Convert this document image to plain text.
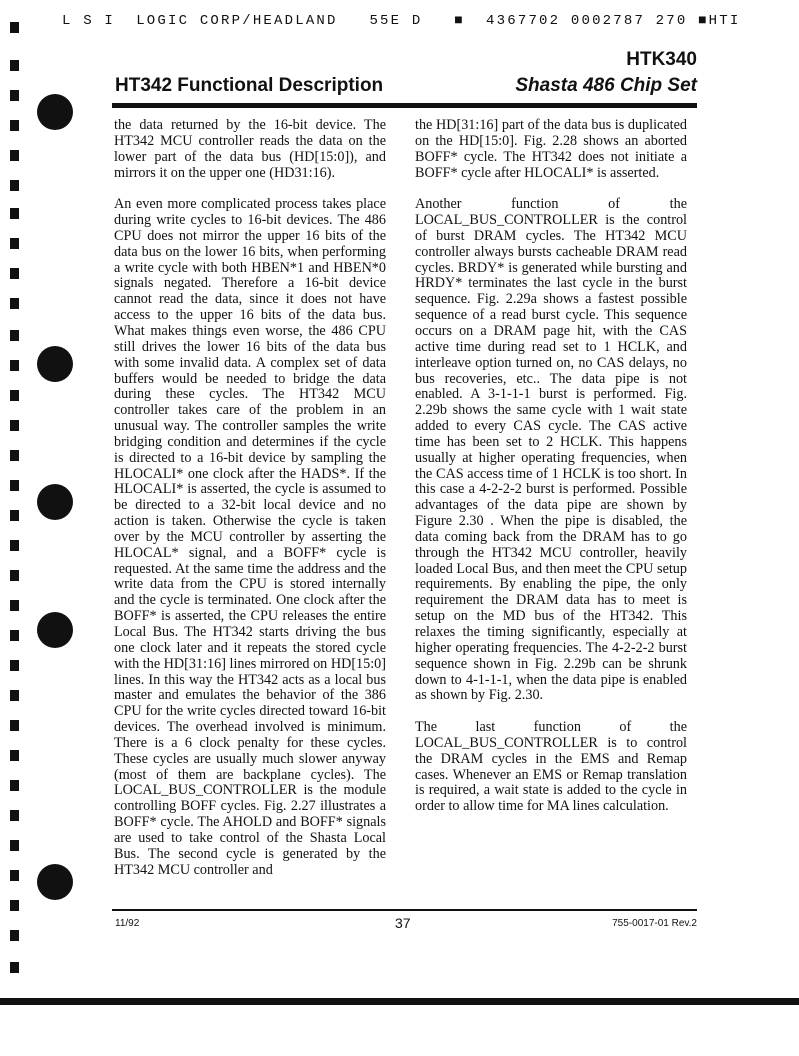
L S I  LOGIC CORP/HEADLAND   55E D   ■  4367702 0002787 270 ■HTI
HTK340
HT342 Functional Description	Shasta 486 Chip Set

the data returned by the 16-bit device. The HT342 MCU controller reads the data on the lower part of the data bus (HD[15:0]), and mirrors it on the upper one (HD31:16).

An even more complicated process takes place during write cycles to 16-bit devices. The 486 CPU does not mirror the upper 16 bits of the data bus on the lower 16 bits, when performing a write cycle with both HBEN*1 and HBEN*0 signals negated. Therefore a 16-bit device cannot read the data, since it does not have access to the upper 16 bits of the data bus. What makes things even worse, the 486 CPU still drives the lower 16 bits of the data bus with some invalid data. A complex set of data buffers would be needed to bridge the data during these cycles. The HT342 MCU controller takes care of the problem in an unusual way. The controller samples the write bridging condition and determines if the cycle is directed to a 16-bit device by sampling the HLOCALI* one clock after the HADS*. If the HLOCALI* is asserted, the cycle is assumed to be directed to a 32-bit local device and no action is taken. Otherwise the cycle is taken over by the MCU controller by asserting the HLOCAL* signal, and a BOFF* cycle is requested. At the same time the address and the write data from the CPU is stored internally and the cycle is terminated. One clock after the BOFF* is asserted, the CPU releases the entire Local Bus. The HT342 starts driving the bus one clock later and it repeats the stored cycle with the HD[31:16] lines mirrored on HD[15:0] lines. In this way the HT342 acts as a local bus master and emulates the behavior of the 386 CPU for the write cycles directed toward 16-bit devices. The overhead involved is minimum. There is a 6 clock penalty for these cycles. These cycles are usually much slower anyway (most of them are backplane cycles). The LOCAL_BUS_CONTROLLER is the module controlling BOFF cycles. Fig. 2.27 illustrates a BOFF* cycle. The AHOLD and BOFF* signals are used to take control of the Shasta Local Bus. The second cycle is generated by the HT342 MCU controller and

the HD[31:16] part of the data bus is duplicated on the HD[15:0]. Fig. 2.28 shows an aborted BOFF* cycle. The HT342 does not initiate a BOFF* cycle after HLOCALI* is asserted.

Another function of the LOCAL_BUS_CONTROLLER is the control of burst DRAM cycles. The HT342 MCU controller always bursts cacheable DRAM read cycles. BRDY* is generated while bursting and HRDY* terminates the last cycle in the burst sequence. Fig. 2.29a shows a fastest possible sequence of a read burst cycle. This sequence occurs on a DRAM page hit, with the CAS active time during read set to 1 HCLK, and interleave option turned on, no CAS delays, no bus recoveries, etc.. The data pipe is not enabled. A 3-1-1-1 burst is performed. Fig. 2.29b shows the same cycle with 1 wait state added to every CAS cycle. The CAS active time has been set to 2 HCLK. This happens usually at higher operating frequencies, when the CAS access time of 1 HCLK is too short. In this case a 4-2-2-2 burst is performed. Possible advantages of the data pipe are shown by Figure 2.30 . When the pipe is disabled, the data coming back from the DRAM has to go through the HT342 MCU controller, heavily loaded Local Bus, and then meet the CPU setup requirements. By enabling the pipe, the only requirement the DRAM data has to meet is setup on the MD bus of the HT342. This relaxes the timing significantly, especially at higher operating frequencies. The 4-2-2-2 burst sequence shown in Fig. 2.29b can be shrunk down to 4-1-1-1, when the data pipe is enabled as shown by Fig. 2.30.

The last function of the LOCAL_BUS_CONTROLLER is to control the DRAM cycles in the EMS and Remap cases. Whenever an EMS or Remap translation is required, a wait state is added to the cycle in order to allow time for MA lines calculation.

11/92	37	755-0017-01 Rev.2
